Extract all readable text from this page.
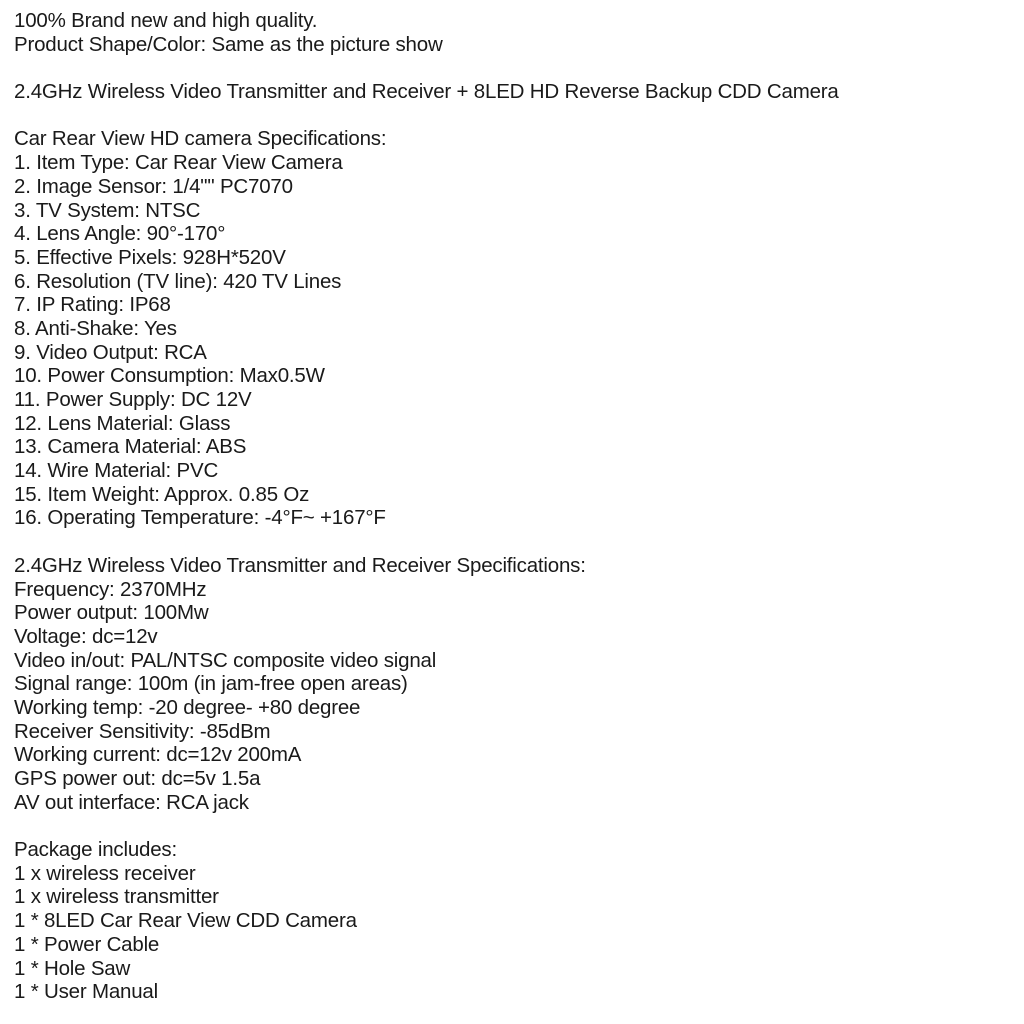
100% Brand new and high quality.
Product Shape/Color: Same as the picture show

2.4GHz Wireless Video Transmitter and Receiver + 8LED HD Reverse Backup CDD Camera

Car Rear View HD camera Specifications:
1. Item Type: Car Rear View Camera
2. Image Sensor: 1/4"" PC7070
3. TV System: NTSC
4. Lens Angle: 90°-170°
5. Effective Pixels: 928H*520V
6. Resolution (TV line): 420 TV Lines
7. IP Rating: IP68
8. Anti-Shake: Yes
9. Video Output: RCA
10. Power Consumption: Max0.5W
11. Power Supply: DC 12V
12. Lens Material: Glass
13. Camera Material: ABS
14. Wire Material: PVC
15. Item Weight: Approx. 0.85 Oz
16. Operating Temperature: -4°F~ +167°F

2.4GHz Wireless Video Transmitter and Receiver Specifications:
Frequency: 2370MHz
Power output: 100Mw
Voltage: dc=12v
Video in/out: PAL/NTSC composite video signal
Signal range: 100m (in jam-free open areas)
Working temp: -20 degree- +80 degree
Receiver Sensitivity: -85dBm
Working current: dc=12v 200mA
GPS power out: dc=5v 1.5a
AV out interface: RCA jack

Package includes:
1 x wireless receiver
1 x wireless transmitter
1 * 8LED Car Rear View CDD Camera
1 * Power Cable
1 * Hole Saw
1 * User Manual
